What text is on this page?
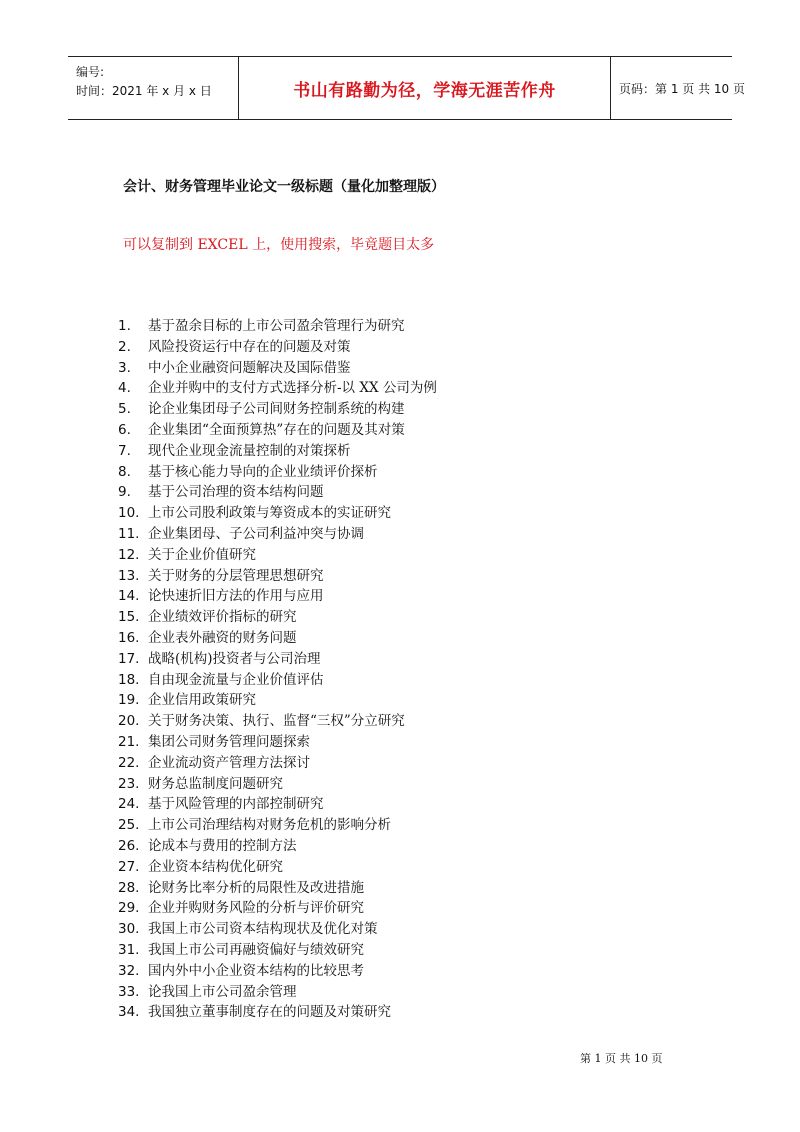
编号:
时间：2021 年 x 月 x 日	书山有路勤为径，学海无涯苦作舟	页码：第 1 页 共 10 页
会计、财务管理毕业论文一级标题（量化加整理版）
可以复制到 EXCEL 上，使用搜索，毕竟题目太多
1.	基于盈余目标的上市公司盈余管理行为研究
2.	风险投资运行中存在的问题及对策
3.	中小企业融资问题解决及国际借鉴
4.	企业并购中的支付方式选择分析-以 XX 公司为例
5.	论企业集团母子公司间财务控制系统的构建
6.	企业集团“全面预算热”存在的问题及其对策
7.	现代企业现金流量控制的对策探析
8.	基于核心能力导向的企业业绩评价探析
9.	基于公司治理的资本结构问题
10. 上市公司股利政策与筹资成本的实证研究
11. 企业集团母、子公司利益冲突与协调
12. 关于企业价值研究
13. 关于财务的分层管理思想研究
14. 论快速折旧方法的作用与应用
15. 企业绩效评价指标的研究
16. 企业表外融资的财务问题
17. 战略(机构)投资者与公司治理
18. 自由现金流量与企业价值评估
19. 企业信用政策研究
20. 关于财务决策、执行、监督“三权”分立研究
21. 集团公司财务管理问题探索
22. 企业流动资产管理方法探讨
23. 财务总监制度问题研究
24. 基于风险管理的内部控制研究
25. 上市公司治理结构对财务危机的影响分析
26. 论成本与费用的控制方法
27. 企业资本结构优化研究
28. 论财务比率分析的局限性及改进措施
29. 企业并购财务风险的分析与评价研究
30. 我国上市公司资本结构现状及优化对策
31. 我国上市公司再融资偏好与绩效研究
32. 国内外中小企业资本结构的比较思考
33. 论我国上市公司盈余管理
34. 我国独立董事制度存在的问题及对策研究
第 1 页 共 10 页
